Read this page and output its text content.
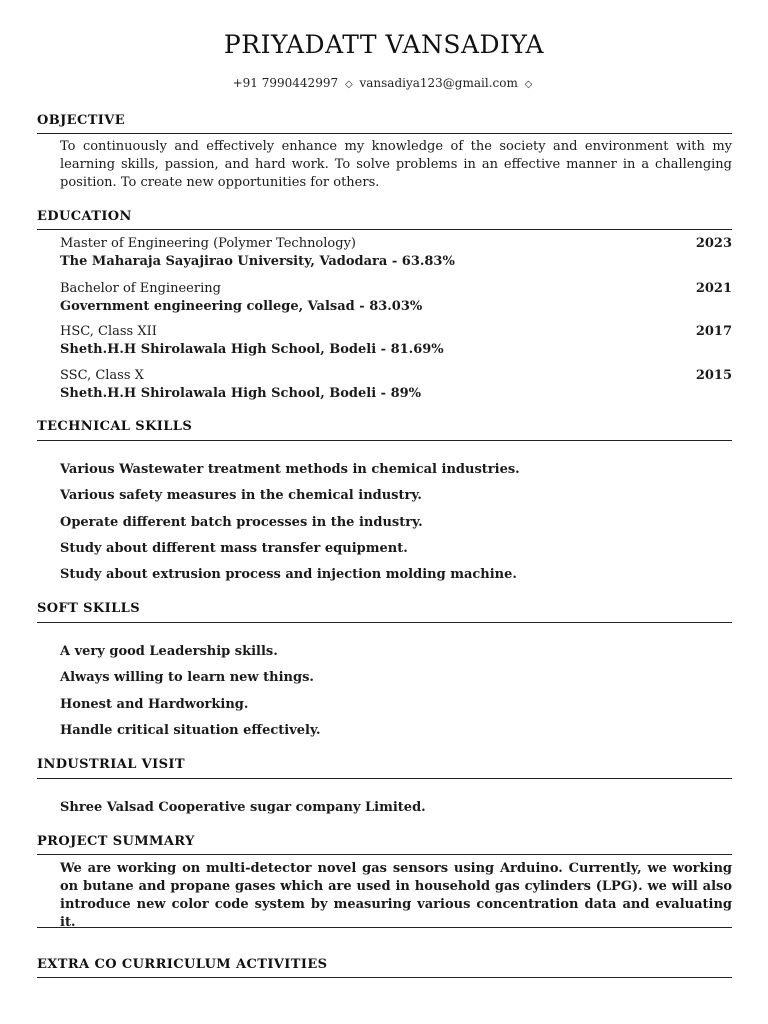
PRIYADATT VANSADIYA
+91 7990442997 ◇ vansadiya123@gmail.com ◇
OBJECTIVE
To continuously and effectively enhance my knowledge of the society and environment with my learning skills, passion, and hard work. To solve problems in an effective manner in a challenging position. To create new opportunities for others.
EDUCATION
Master of Engineering (Polymer Technology)	2023
The Maharaja Sayajirao University, Vadodara - 63.83%
Bachelor of Engineering	2021
Government engineering college, Valsad - 83.03%
HSC, Class XII	2017
Sheth.H.H Shirolawala High School, Bodeli - 81.69%
SSC, Class X	2015
Sheth.H.H Shirolawala High School, Bodeli - 89%
TECHNICAL SKILLS
Various Wastewater treatment methods in chemical industries.
Various safety measures in the chemical industry.
Operate different batch processes in the industry.
Study about different mass transfer equipment.
Study about extrusion process and injection molding machine.
SOFT SKILLS
A very good Leadership skills.
Always willing to learn new things.
Honest and Hardworking.
Handle critical situation effectively.
INDUSTRIAL VISIT
Shree Valsad Cooperative sugar company Limited.
PROJECT SUMMARY
We are working on multi-detector novel gas sensors using Arduino. Currently, we working on butane and propane gases which are used in household gas cylinders (LPG). we will also introduce new color code system by measuring various concentration data and evaluating it.
EXTRA CO CURRICULUM ACTIVITIES
